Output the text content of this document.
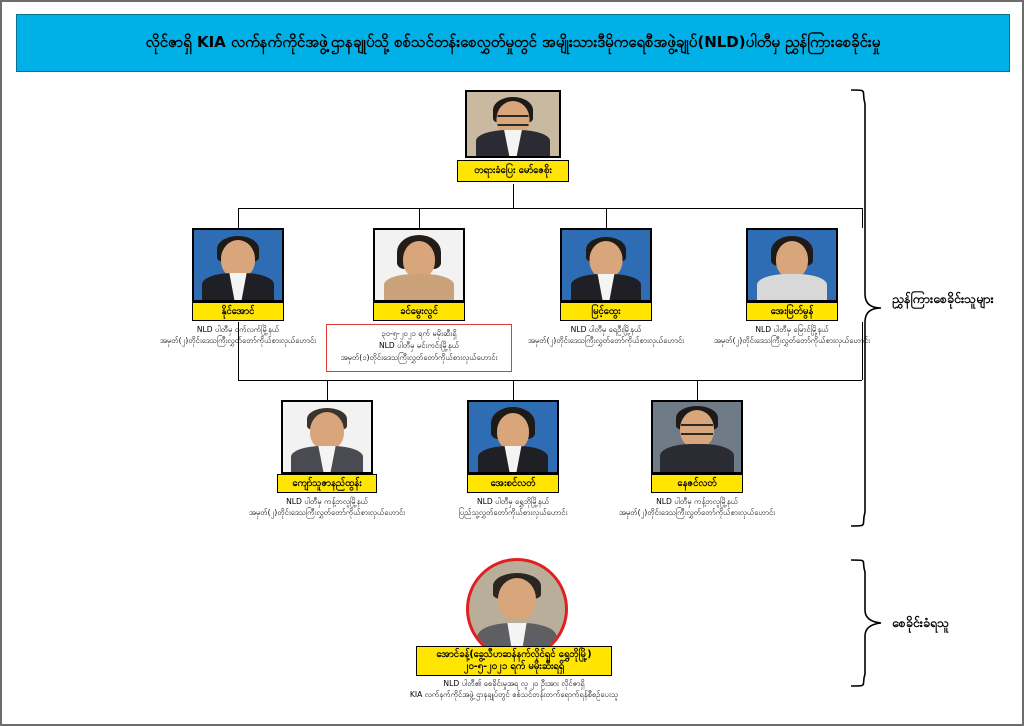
လိုင်ဇာရှိ KIA လက်နက်ကိုင်အဖွဲ့ဌာနချုပ်သို့ စစ်သင်တန်းစေလွှတ်မှုတွင် အမျိုးသားဒီမိုကရေစီအဖွဲ့ချုပ်(NLD)ပါတီမှ ညွှန်ကြားစေခိုင်းမှု
ညွှန်ကြားစေခိုင်းသူများ
စေခိုင်းခံရသူ
တရားခံပြေး မော်ဇေစိုး
နိုင်အောင်
NLD ပါတီမှ ဝက်လက်မြို့နယ်
အမှတ်(၂)တိုင်းဒေသကြီးလွှတ်တော်ကိုယ်စားလှယ်ဟောင်း
ခင်မွေးလွင်
၃၀-၅-၂၀၂၁ ရက် မမိုးဆီးရှိ
NLD ပါတီမှ မင်းကင်းမြို့နယ်
အမှတ်(၁)တိုင်းဒေသကြီးလွှတ်တော်ကိုယ်စားလှယ်ဟောင်း
မြင့်ထွေး
NLD ပါတီမှ ရေဦးမြို့နယ်
အမှတ်(၂)တိုင်းဒေသကြီးလွှတ်တော်ကိုယ်စားလှယ်ဟောင်း
အေးမြတ်မွန်
NLD ပါတီမှ မြောင်မြို့နယ်
အမှတ်(၂)တိုင်းဒေသကြီးလွှတ်တော်ကိုယ်စားလှယ်ဟောင်း
ကျော်သူဇာနည်ထွန်း
NLD ပါတီမှ ကန့်ဘလူမြို့နယ်
အမှတ်(၂)တိုင်းဒေသကြီးလွှတ်တော်ကိုယ်စားလှယ်ဟောင်း
အေးစင်လတ်
NLD ပါတီမှ ရွှေဘိုမြို့နယ်
ပြည်သူ့လွှတ်တော်ကိုယ်စားလှယ်ဟောင်း
နေဇင်လတ်
NLD ပါတီမှ ကန့်ဘလူမြို့နယ်
အမှတ်(၂)တိုင်းဒေသကြီးလွှတ်တော်ကိုယ်စားလှယ်ဟောင်း
အောင်ခန့်(ခွေ့သီဟဆန်နက်လိုင်ရှင် ရွှေဘိုမြို့)
၂၀-၅-၂၀၂၁ ရက် မမိုးဆီးရရှိ
NLD ပါတီ၏ စေခိုင်းမှုအရ လူ ၂၀ ဦးအား လိုင်ဇာရှိ
KIA လက်နက်ကိုင်အဖွဲ့ ဌာနချုပ်တွင် စစ်သင်တန်းတက်ရောက်ရန်စီစဉ်ပေးသူ
